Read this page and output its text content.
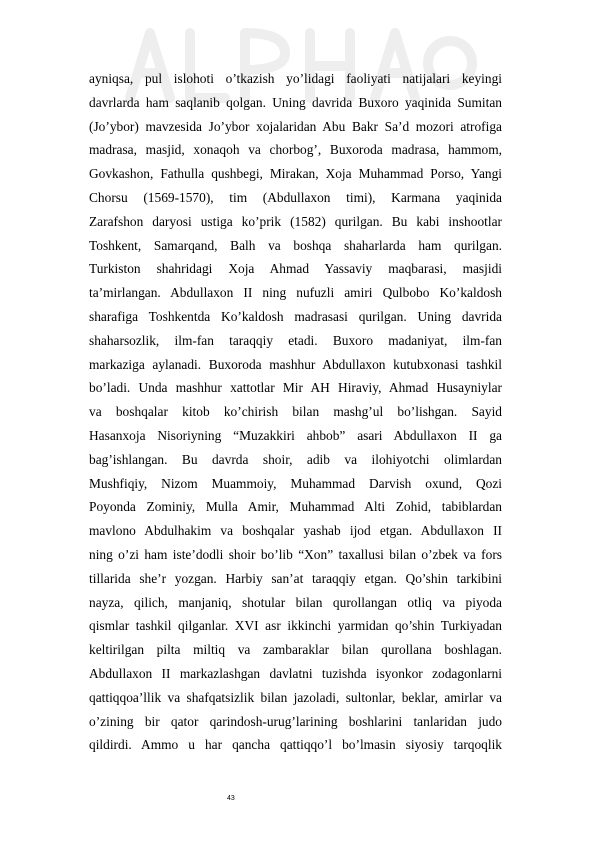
ayniqsa, pul islohoti o’tkazish yo’lidagi faoliyati natijalari keyingi
davrlarda ham saqlanib qolgan. Uning davrida Buxoro yaqinida Sumitan
(Jo’ybor) mavzesida Jo’ybor xojalaridan Abu Bakr Sa’d mozori atrofiga
madrasa, masjid, xonaqoh va chorbog’, Buxoroda madrasa, hammom,
Govkashon, Fathulla qushbegi, Mirakan, Xoja Muhammad Porso, Yangi
Chorsu (1569-1570), tim (Abdullaxon timi), Karmana yaqinida
Zarafshon daryosi ustiga ko’prik (1582) qurilgan. Bu kabi inshootlar
Toshkent, Samarqand, Balh va boshqa shaharlarda ham qurilgan.
Turkiston shahridagi Xoja Ahmad Yassaviy maqbarasi, masjidi
ta’mirlangan. Abdullaxon II ning nufuzli amiri Qulbobo Ko’kaldosh
sharafiga Toshkentda Ko’kaldosh madrasasi qurilgan. Uning davrida
shaharsozlik, ilm-fan taraqqiy etadi. Buxoro madaniyat, ilm-fan
markaziga aylanadi. Buxoroda mashhur Abdullaxon kutubxonasi tashkil
bo’ladi. Unda mashhur xattotlar Mir AH Hiraviy, Ahmad Husayniylar
va boshqalar kitob ko’chirish bilan mashg’ul bo’lishgan. Sayid
Hasanxoja Nisoriyning “Muzakkiri ahbob” asari Abdullaxon II ga
bag’ishlangan. Bu davrda shoir, adib va ilohiyotchi olimlardan
Mushfiqiy, Nizom Muammoiy, Muhammad Darvish oxund, Qozi
Poyonda Zominiy, Mulla Amir, Muhammad Alti Zohid, tabiblardan
mavlono Abdulhakim va boshqalar yashab ijod etgan. Abdullaxon II
ning o’zi ham iste’dodli shoir bo’lib “Xon” taxallusi bilan o’zbek va fors
tillarida she’r yozgan. Harbiy san’at taraqqiy etgan. Qo’shin tarkibini
nayza, qilich, manjaniq, shotular bilan qurollangan otliq va piyoda
qismlar tashkil qilganlar. XVI asr ikkinchi yarmidan qo’shin Turkiyadan
keltirilgan pilta miltiq va zambaraklar bilan qurollana boshlagan.
Abdullaxon II markazlashgan davlatni tuzishda isyonkor zodagonlarni
qattiqqoa’llik va shafqatsizlik bilan jazoladi, sultonlar, beklar, amirlar va
o’zining bir qator qarindosh-urug’larining boshlarini tanlaridan judo
qildirdi. Ammo u har qancha qattiqqo’l bo’lmasin siyosiy tarqoqlik
43
